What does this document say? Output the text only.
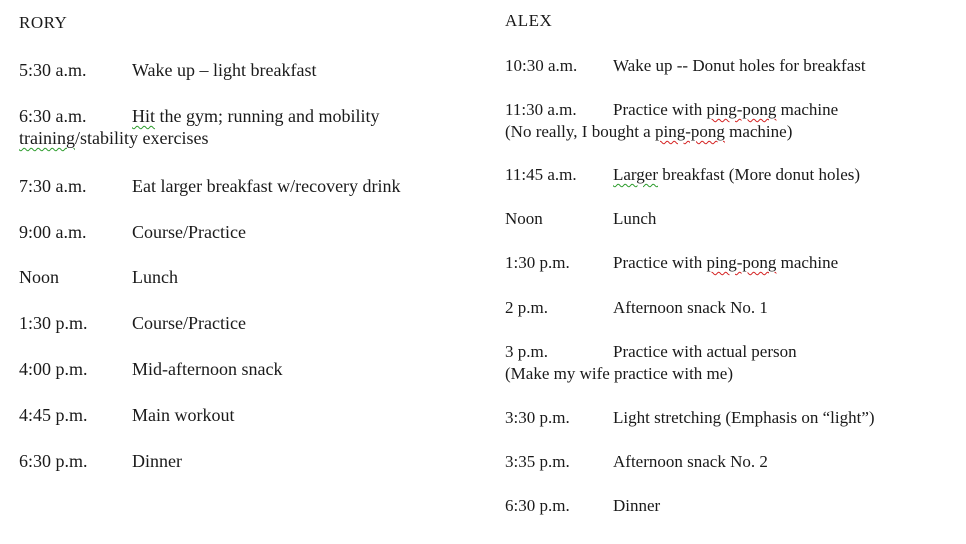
RORY
5:30 a.m.	Wake up – light breakfast
6:30 a.m.	Hit the gym; running and mobility
training/stability exercises
7:30 a.m.	Eat larger breakfast w/recovery drink
9:00 a.m.	Course/Practice
Noon	Lunch
1:30 p.m. Course/Practice
4:00 p.m. Mid-afternoon snack
4:45 p.m. Main workout
6:30 p.m. Dinner
ALEX
10:30 a.m. Wake up -- Donut holes for breakfast
11:30 a.m. Practice with ping-pong machine
(No really, I bought a ping-pong machine)
11:45 a.m. Larger breakfast (More donut holes)
Noon	Lunch
1:30 p.m.	Practice with ping-pong machine
2 p.m.	Afternoon snack No. 1
3 p.m.	Practice with actual person
(Make my wife practice with me)
3:30 p.m.	Light stretching (Emphasis on “light”)
3:35 p.m.	Afternoon snack No. 2
6:30 p.m.	Dinner
